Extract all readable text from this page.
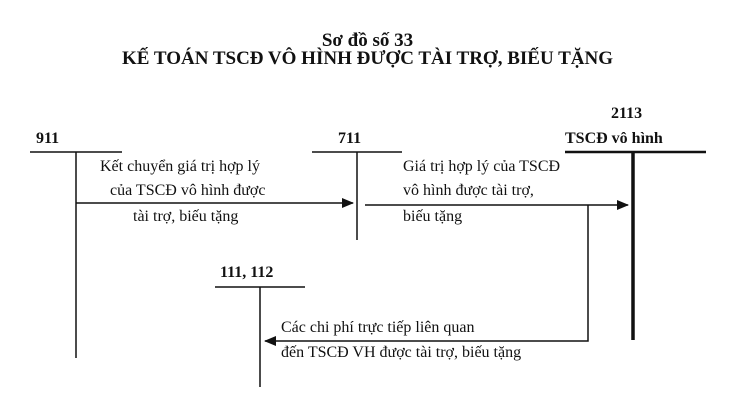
Sơ đồ số 33
KẾ TOÁN TSCĐ VÔ HÌNH ĐƯỢC TÀI TRỢ, BIẾU TẶNG
911	711
2113
TSCĐ vô hình
111, 112
Kết chuyển giá trị hợp lý
của TSCĐ vô hình được
tài trợ, biếu tặng
Giá trị hợp lý của TSCĐ
vô hình được tài trợ,
biếu tặng
Các chi phí trực tiếp liên quan
đến TSCĐ VH được tài trợ, biếu tặng
